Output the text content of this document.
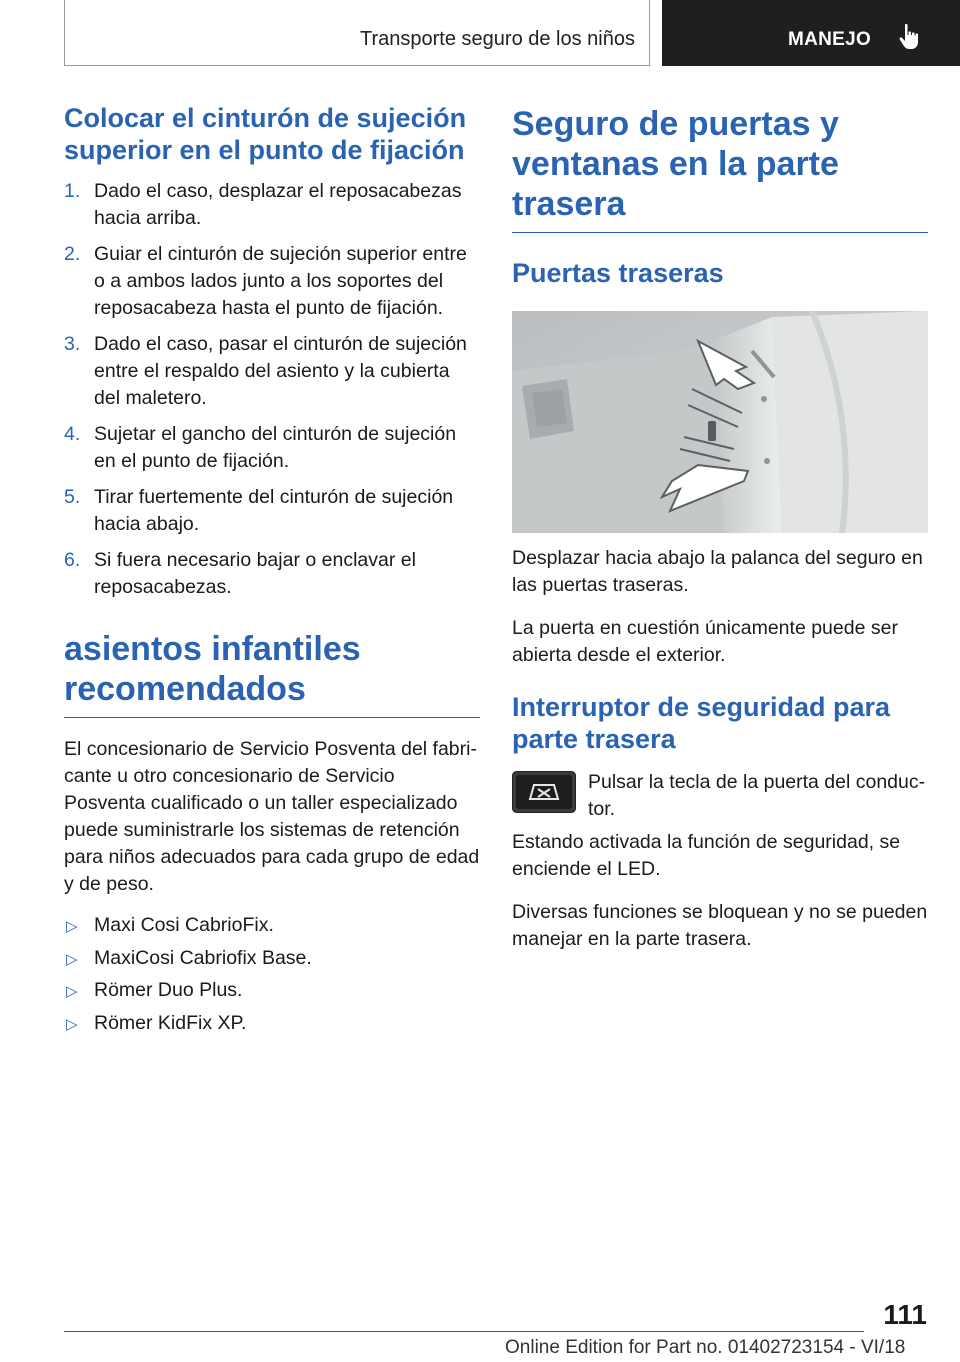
Transporte seguro de los niños	MANEJO
Colocar el cinturón de sujeción superior en el punto de fijación
1. Dado el caso, desplazar el reposacabezas hacia arriba.
2. Guiar el cinturón de sujeción superior entre o a ambos lados junto a los soportes del reposacabeza hasta el punto de fijación.
3. Dado el caso, pasar el cinturón de sujeción entre el respaldo del asiento y la cubierta del maletero.
4. Sujetar el gancho del cinturón de sujeción en el punto de fijación.
5. Tirar fuertemente del cinturón de sujeción hacia abajo.
6. Si fuera necesario bajar o enclavar el reposacabezas.
asientos infantiles recomendados

El concesionario de Servicio Posventa del fabricante u otro concesionario de Servicio Posventa cualificado o un taller especializado puede suministrarle los sistemas de retención para niños adecuados para cada grupo de edad y de peso.

▷ Maxi Cosi CabrioFix.
▷ MaxiCosi Cabriofix Base.
▷ Römer Duo Plus.
▷ Römer KidFix XP.
Seguro de puertas y ventanas en la parte trasera
Puertas traseras

Desplazar hacia abajo la palanca del seguro en las puertas traseras.

La puerta en cuestión únicamente puede ser abierta desde el exterior.

Interruptor de seguridad para parte trasera

Pulsar la tecla de la puerta del conductor.

Estando activada la función de seguridad, se enciende el LED.

Diversas funciones se bloquean y no se pueden manejar en la parte trasera.

111
Online Edition for Part no. 01402723154 - VI/18
